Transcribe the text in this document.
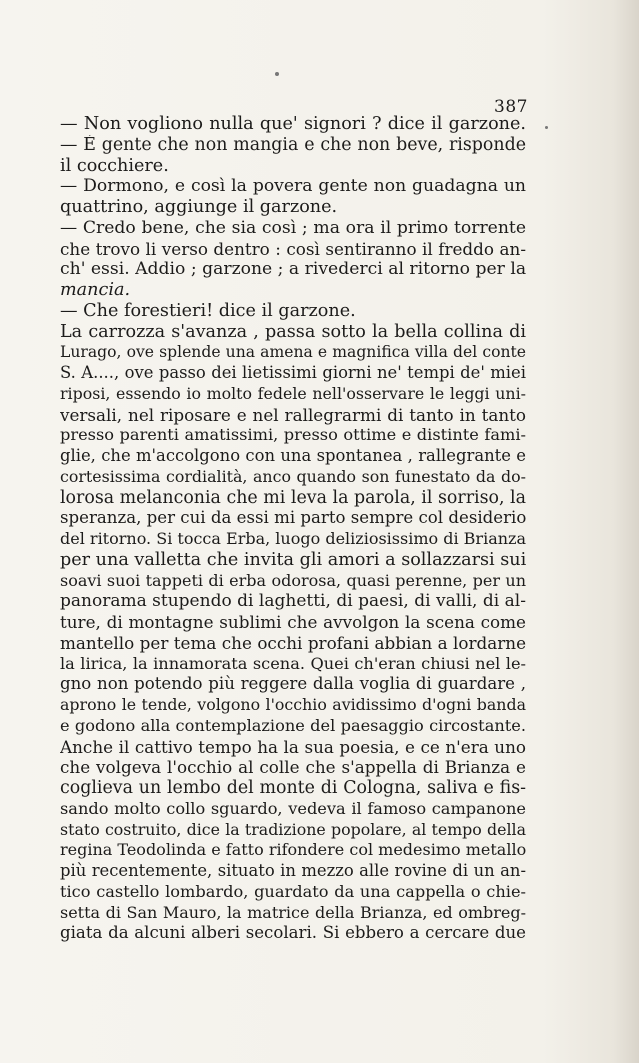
387
— Non vogliono nulla que' signori ? dice il garzone.
— È gente che non mangia e che non beve, risponde
il cocchiere.
— Dormono, e così la povera gente non guadagna un
quattrino, aggiunge il garzone.
— Credo bene, che sia così ; ma ora il primo torrente
che trovo li verso dentro : così sentiranno il freddo an-
ch' essi. Addio ; garzone ; a rivederci al ritorno per la
mancia.
— Che forestieri! dice il garzone.
La carrozza s'avanza , passa sotto la bella collina di
Lurago, ove splende una amena e magnifica villa del conte
S. A...., ove passo dei lietissimi giorni ne' tempi de' miei
riposi, essendo io molto fedele nell'osservare le leggi uni-
versali, nel riposare e nel rallegrarmi di tanto in tanto
presso parenti amatissimi, presso ottime e distinte fami-
glie, che m'accolgono con una spontanea , rallegrante e
cortesissima cordialità, anco quando son funestato da do-
lorosa melanconia che mi leva la parola, il sorriso, la
speranza, per cui da essi mi parto sempre col desiderio
del ritorno. Si tocca Erba, luogo deliziosissimo di Brianza
per una valletta che invita gli amori a sollazzarsi sui
soavi suoi tappeti di erba odorosa, quasi perenne, per un
panorama stupendo di laghetti, di paesi, di valli, di al-
ture, di montagne sublimi che avvolgon la scena come
mantello per tema che occhi profani abbian a lordarne
la lirica, la innamorata scena. Quei ch'eran chiusi nel le-
gno non potendo più reggere dalla voglia di guardare ,
aprono le tende, volgono l'occhio avidissimo d'ogni banda
e godono alla contemplazione del paesaggio circostante.
Anche il cattivo tempo ha la sua poesia, e ce n'era uno
che volgeva l'occhio al colle che s'appella di Brianza e
coglieva un lembo del monte di Cologna, saliva e fis-
sando molto collo sguardo, vedeva il famoso campanone
stato costruito, dice la tradizione popolare, al tempo della
regina Teodolinda e fatto rifondere col medesimo metallo
più recentemente, situato in mezzo alle rovine di un an-
tico castello lombardo, guardato da una cappella o chie-
setta di San Mauro, la matrice della Brianza, ed ombreg-
giata da alcuni alberi secolari. Si ebbero a cercare due
